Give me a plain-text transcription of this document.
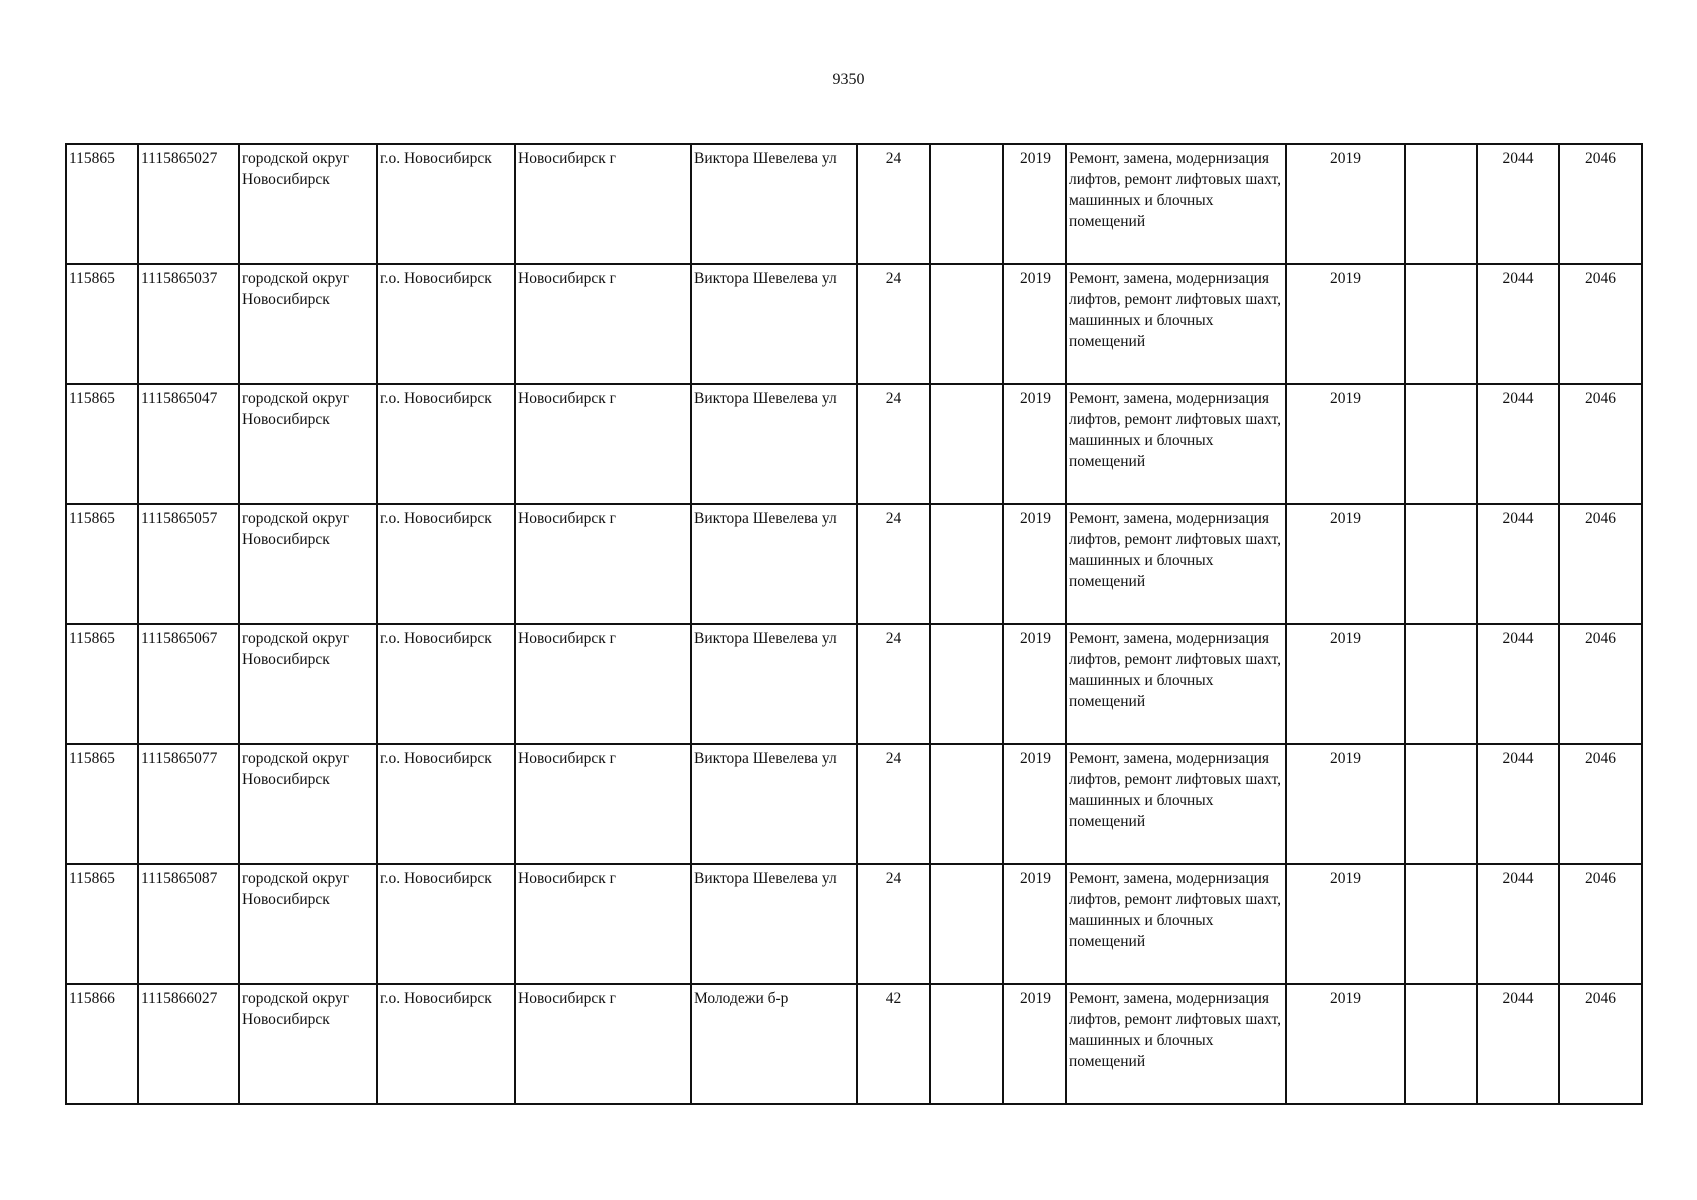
9350
115865	1115865027	городской округ Новосибирск	г.о. Новосибирск	Новосибирск г	Виктора Шевелева ул	24		2019	Ремонт, замена, модернизация лифтов, ремонт лифтовых шахт, машинных и блочных помещений	2019		2044	2046
115865	1115865037	городской округ Новосибирск	г.о. Новосибирск	Новосибирск г	Виктора Шевелева ул	24		2019	Ремонт, замена, модернизация лифтов, ремонт лифтовых шахт, машинных и блочных помещений	2019		2044	2046
115865	1115865047	городской округ Новосибирск	г.о. Новосибирск	Новосибирск г	Виктора Шевелева ул	24		2019	Ремонт, замена, модернизация лифтов, ремонт лифтовых шахт, машинных и блочных помещений	2019		2044	2046
115865	1115865057	городской округ Новосибирск	г.о. Новосибирск	Новосибирск г	Виктора Шевелева ул	24		2019	Ремонт, замена, модернизация лифтов, ремонт лифтовых шахт, машинных и блочных помещений	2019		2044	2046
115865	1115865067	городской округ Новосибирск	г.о. Новосибирск	Новосибирск г	Виктора Шевелева ул	24		2019	Ремонт, замена, модернизация лифтов, ремонт лифтовых шахт, машинных и блочных помещений	2019		2044	2046
115865	1115865077	городской округ Новосибирск	г.о. Новосибирск	Новосибирск г	Виктора Шевелева ул	24		2019	Ремонт, замена, модернизация лифтов, ремонт лифтовых шахт, машинных и блочных помещений	2019		2044	2046
115865	1115865087	городской округ Новосибирск	г.о. Новосибирск	Новосибирск г	Виктора Шевелева ул	24		2019	Ремонт, замена, модернизация лифтов, ремонт лифтовых шахт, машинных и блочных помещений	2019		2044	2046
115866	1115866027	городской округ Новосибирск	г.о. Новосибирск	Новосибирск г	Молодежи б-р	42		2019	Ремонт, замена, модернизация лифтов, ремонт лифтовых шахт, машинных и блочных помещений	2019		2044	2046
